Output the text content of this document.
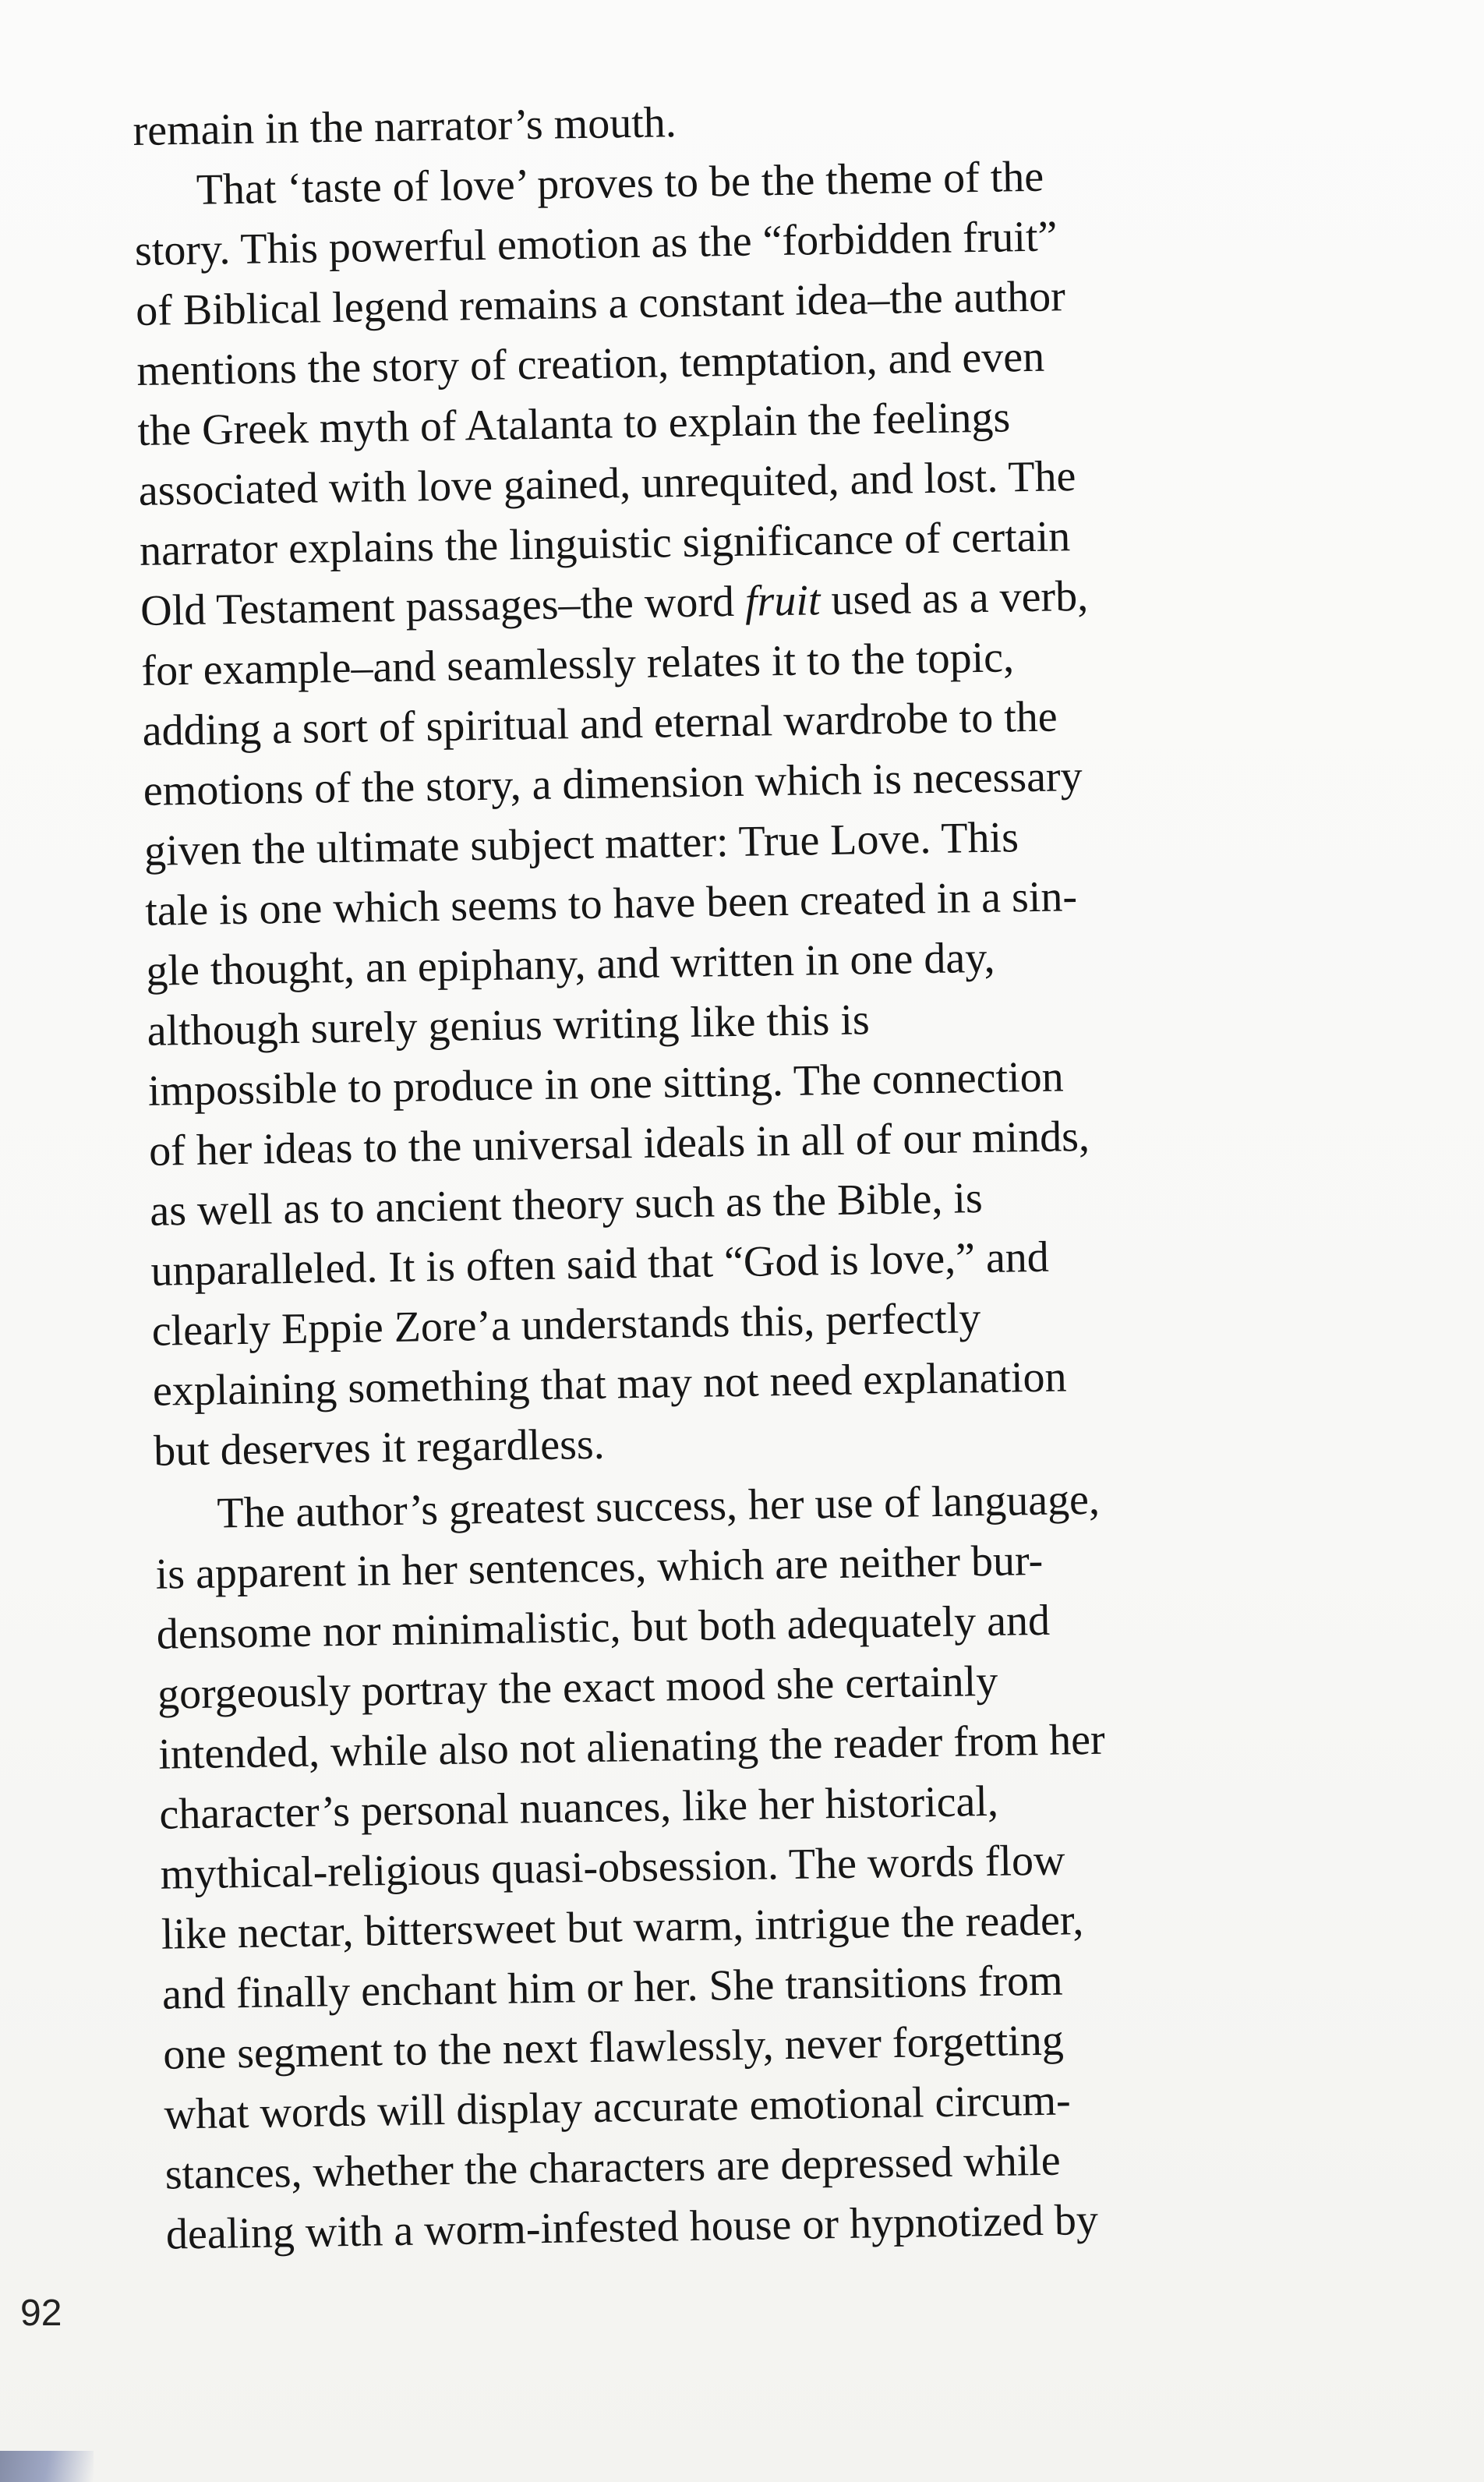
remain in the narrator’s mouth.

That ‘taste of love’ proves to be the theme of the

story. This powerful emotion as the “forbidden fruit”

of Biblical legend remains a constant idea–the author

mentions the story of creation, temptation, and even

the Greek myth of Atalanta to explain the feelings

associated with love gained, unrequited, and lost. The

narrator explains the linguistic significance of certain

Old Testament passages–the word fruit used as a verb,

for example–and seamlessly relates it to the topic,

adding a sort of spiritual and eternal wardrobe to the

emotions of the story, a dimension which is necessary

given the ultimate subject matter: True Love. This

tale is one which seems to have been created in a sin-

gle thought, an epiphany, and written in one day,

although surely genius writing like this is

impossible to produce in one sitting. The connection

of her ideas to the universal ideals in all of our minds,

as well as to ancient theory such as the Bible, is

unparalleled. It is often said that “God is love,” and

clearly Eppie Zore’a understands this, perfectly

explaining something that may not need explanation

but deserves it regardless.

The author’s greatest success, her use of language,

is apparent in her sentences, which are neither bur-

densome nor minimalistic, but both adequately and

gorgeously portray the exact mood she certainly

intended, while also not alienating the reader from her

character’s personal nuances, like her historical,

mythical-religious quasi-obsession. The words flow

like nectar, bittersweet but warm, intrigue the reader,

and finally enchant him or her. She transitions from

one segment to the next flawlessly, never forgetting

what words will display accurate emotional circum-

stances, whether the characters are depressed while

dealing with a worm-infested house or hypnotized by

92
